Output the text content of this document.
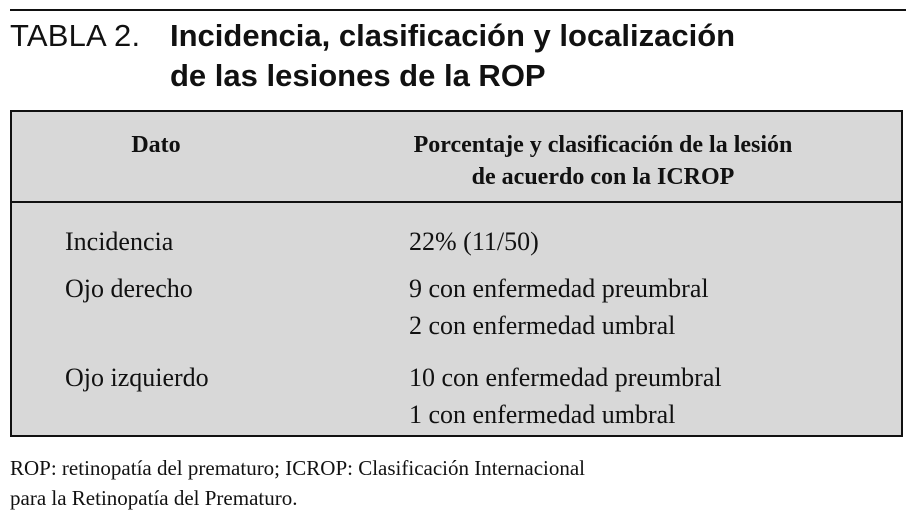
TABLA 2. Incidencia, clasificación y localización
de las lesiones de la ROP
Dato	Porcentaje y clasificación de la lesión
de acuerdo con la ICROP
Incidencia	22% (11/50)
Ojo derecho	9 con enfermedad preumbral
2 con enfermedad umbral
Ojo izquierdo	10 con enfermedad preumbral
1 con enfermedad umbral
ROP: retinopatía del prematuro; ICROP: Clasificación Internacional
para la Retinopatía del Prematuro.
